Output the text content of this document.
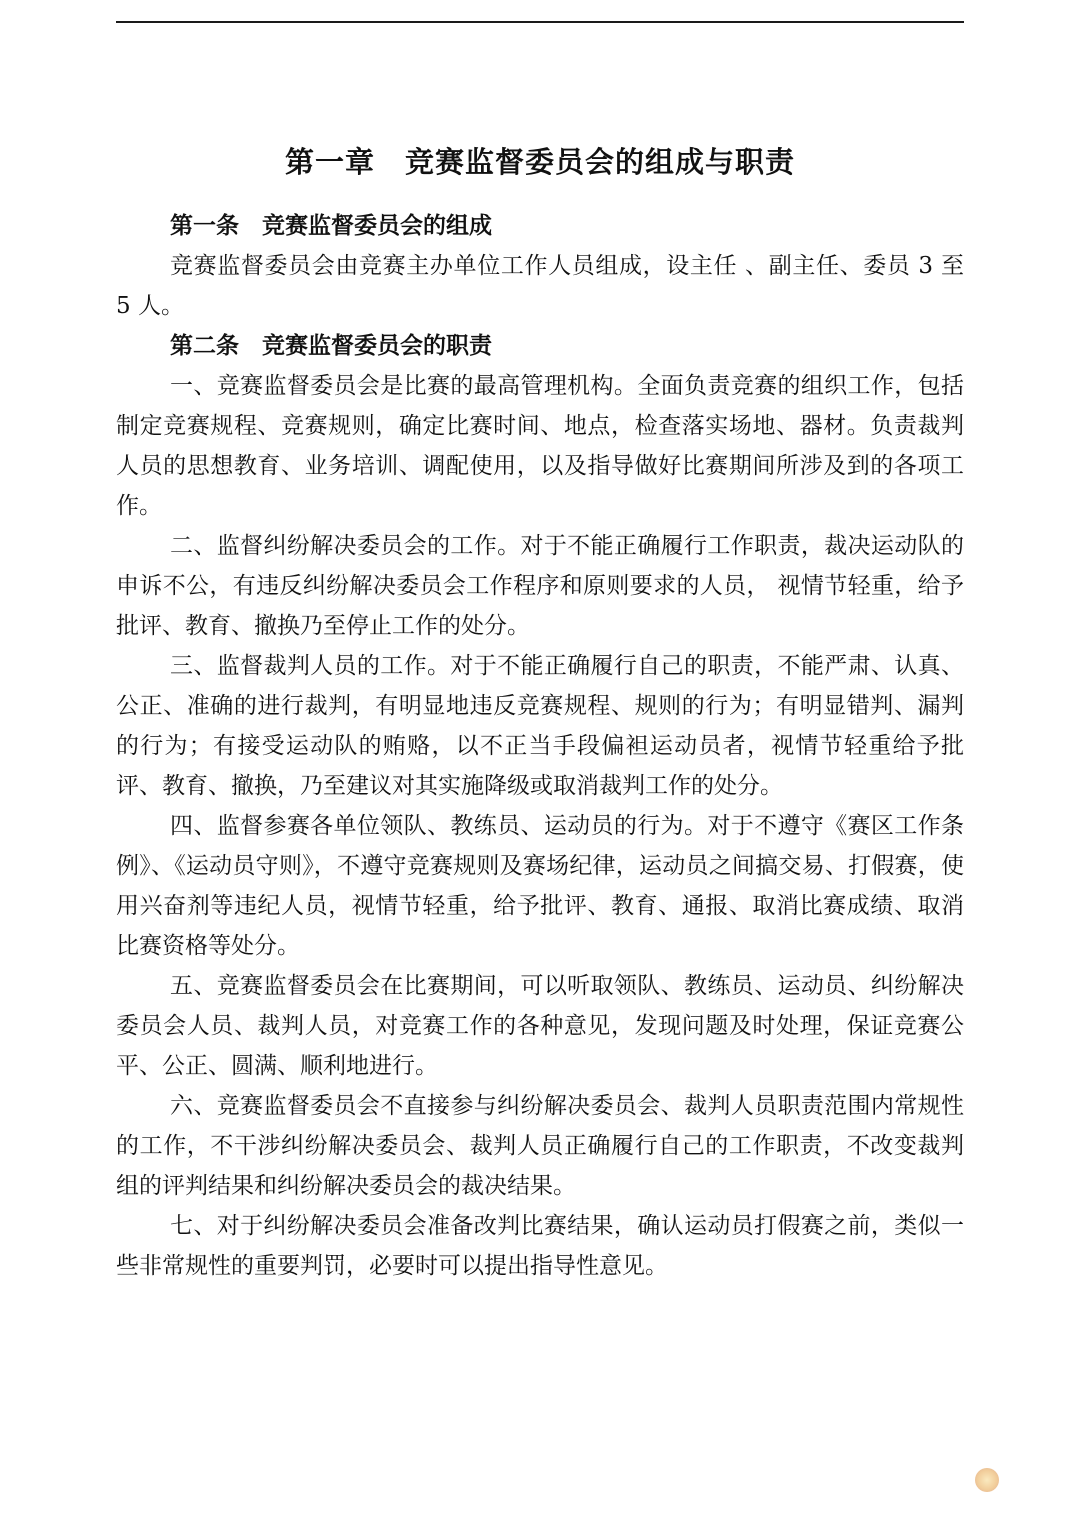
第一章　竞赛监督委员会的组成与职责
第一条　竞赛监督委员会的组成

竞赛监督委员会由竞赛主办单位工作人员组成，设主任 、副主任、委员 3 至 5 人。

第二条　竞赛监督委员会的职责

一、竞赛监督委员会是比赛的最高管理机构。全面负责竞赛的组织工作，包括制定竞赛规程、竞赛规则，确定比赛时间、地点，检查落实场地、器材。负责裁判人员的思想教育、业务培训、调配使用，以及指导做好比赛期间所涉及到的各项工作。

二、监督纠纷解决委员会的工作。对于不能正确履行工作职责，裁决运动队的申诉不公，有违反纠纷解决委员会工作程序和原则要求的人员， 视情节轻重，给予批评、教育、撤换乃至停止工作的处分。

三、监督裁判人员的工作。对于不能正确履行自己的职责，不能严肃、认真、公正、准确的进行裁判，有明显地违反竞赛规程、规则的行为；有明显错判、漏判的行为；有接受运动队的贿赂，以不正当手段偏袒运动员者，视情节轻重给予批评、教育、撤换，乃至建议对其实施降级或取消裁判工作的处分。

四、监督参赛各单位领队、教练员、运动员的行为。对于不遵守《赛区工作条例》、《运动员守则》，不遵守竞赛规则及赛场纪律，运动员之间搞交易、打假赛，使用兴奋剂等违纪人员，视情节轻重，给予批评、教育、通报、取消比赛成绩、取消比赛资格等处分。

五、竞赛监督委员会在比赛期间，可以听取领队、教练员、运动员、纠纷解决委员会人员、裁判人员，对竞赛工作的各种意见，发现问题及时处理，保证竞赛公平、公正、圆满、顺利地进行。

六、竞赛监督委员会不直接参与纠纷解决委员会、裁判人员职责范围内常规性的工作，不干涉纠纷解决委员会、裁判人员正确履行自己的工作职责，不改变裁判组的评判结果和纠纷解决委员会的裁决结果。

七、对于纠纷解决委员会准备改判比赛结果，确认运动员打假赛之前，类似一些非常规性的重要判罚，必要时可以提出指导性意见。
